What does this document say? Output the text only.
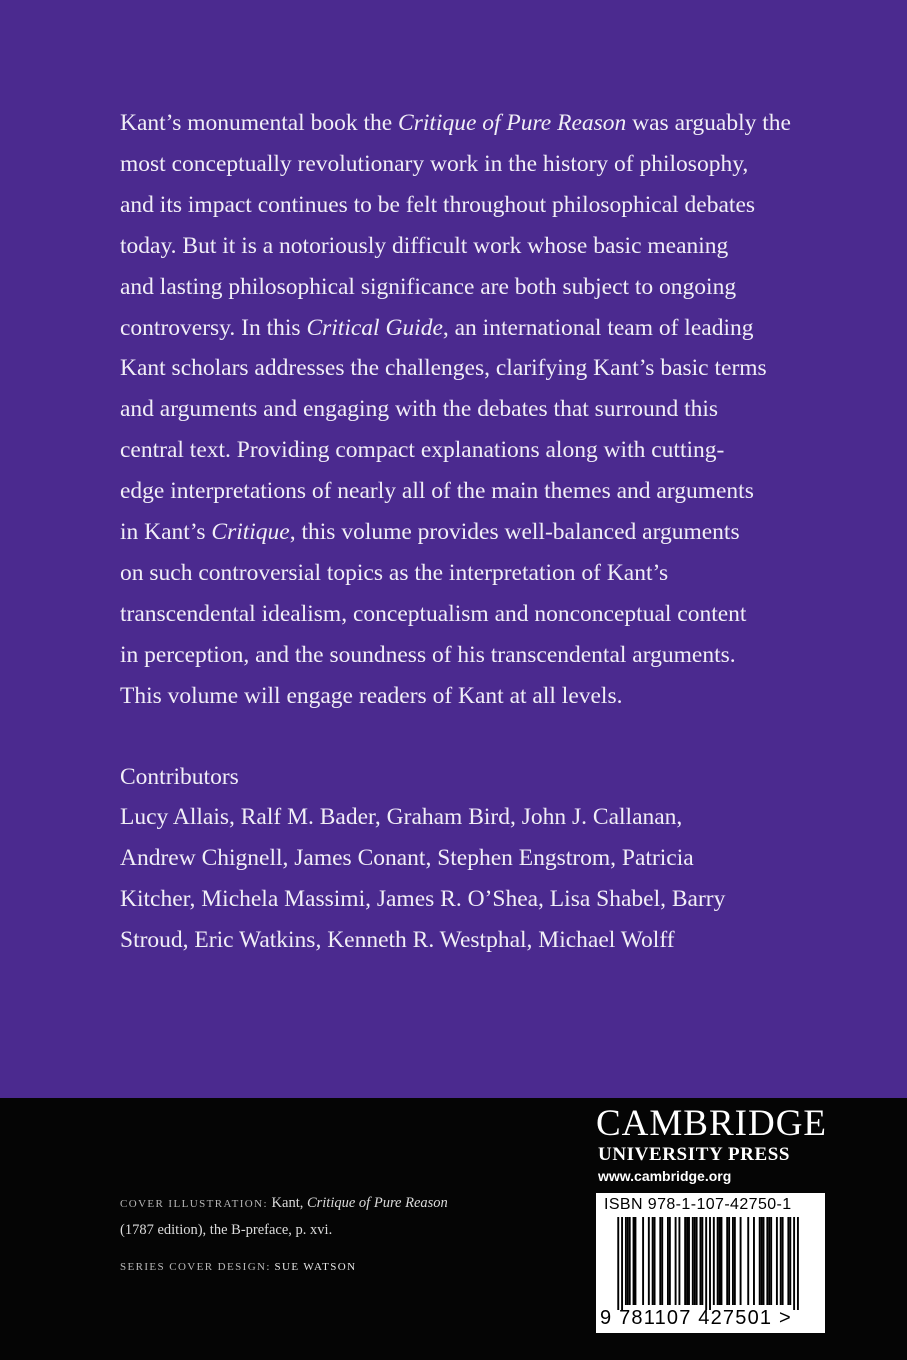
Kant’s monumental book the Critique of Pure Reason was arguably the
most conceptually revolutionary work in the history of philosophy,
and its impact continues to be felt throughout philosophical debates
today. But it is a notoriously difficult work whose basic meaning
and lasting philosophical significance are both subject to ongoing
controversy. In this Critical Guide, an international team of leading
Kant scholars addresses the challenges, clarifying Kant’s basic terms
and arguments and engaging with the debates that surround this
central text. Providing compact explanations along with cutting-
edge interpretations of nearly all of the main themes and arguments
in Kant’s Critique, this volume provides well-balanced arguments
on such controversial topics as the interpretation of Kant’s
transcendental idealism, conceptualism and nonconceptual content
in perception, and the soundness of his transcendental arguments.
This volume will engage readers of Kant at all levels.

Contributors

Lucy Allais, Ralf M. Bader, Graham Bird, John J. Callanan,
Andrew Chignell, James Conant, Stephen Engstrom, Patricia
Kitcher, Michela Massimi, James R. O’Shea, Lisa Shabel, Barry
Stroud, Eric Watkins, Kenneth R. Westphal, Michael Wolff

COVER ILLUSTRATION: Kant, Critique of Pure Reason
(1787 edition), the B-preface, p. xvi.
SERIES COVER DESIGN: SUE WATSON
CAMBRIDGE
UNIVERSITY PRESS
www.cambridge.org
ISBN 978-1-107-42750-1
9 781107 427501 >
